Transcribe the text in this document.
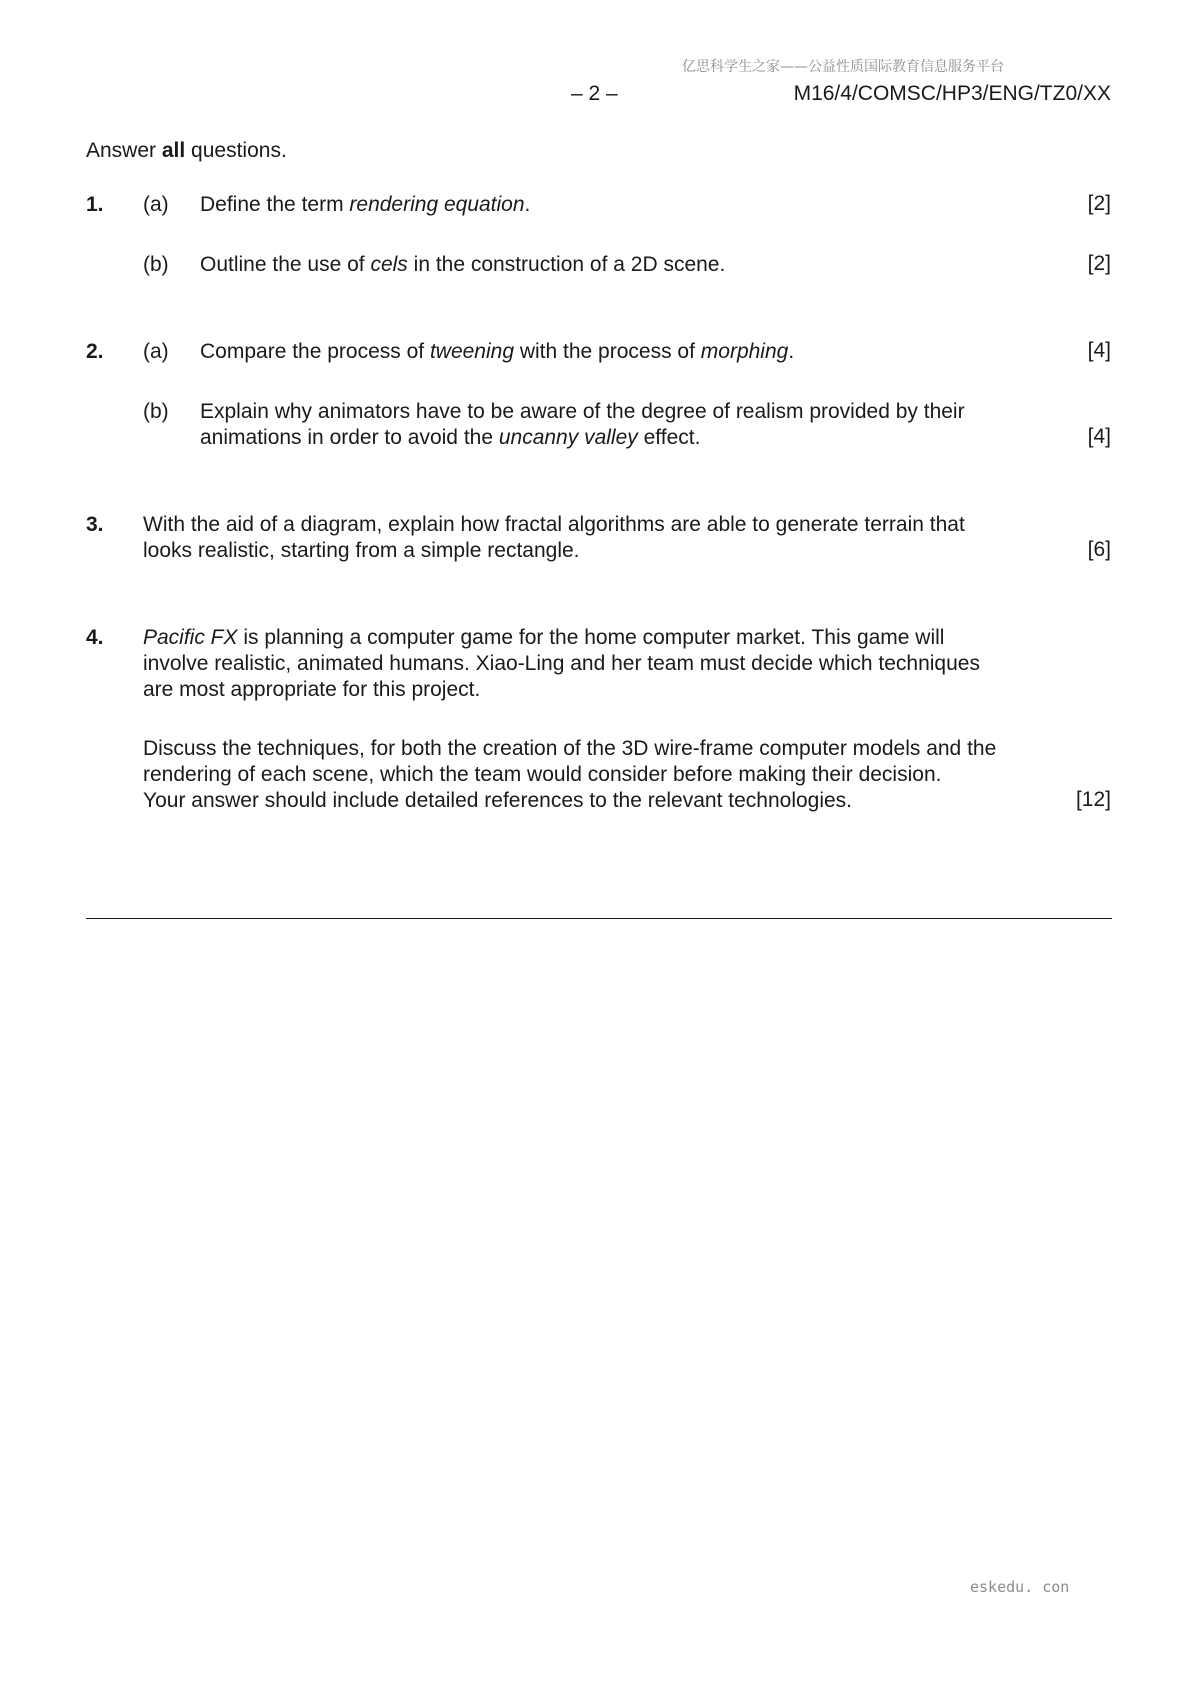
亿思科学生之家——公益性质国际教育信息服务平台
– 2 –	M16/4/COMSC/HP3/ENG/TZ0/XX
Answer all questions.
1. (a) Define the term rendering equation.	[2]
(b) Outline the use of cels in the construction of a 2D scene.	[2]
2. (a) Compare the process of tweening with the process of morphing.	[4]
(b) Explain why animators have to be aware of the degree of realism provided by their
animations in order to avoid the uncanny valley effect.	[4]
3. With the aid of a diagram, explain how fractal algorithms are able to generate terrain that
looks realistic, starting from a simple rectangle.	[6]
4. Pacific FX is planning a computer game for the home computer market. This game will
involve realistic, animated humans. Xiao-Ling and her team must decide which techniques
are most appropriate for this project.
Discuss the techniques, for both the creation of the 3D wire-frame computer models and the
rendering of each scene, which the team would consider before making their decision.
Your answer should include detailed references to the relevant technologies.	[12]
eskedu. con
